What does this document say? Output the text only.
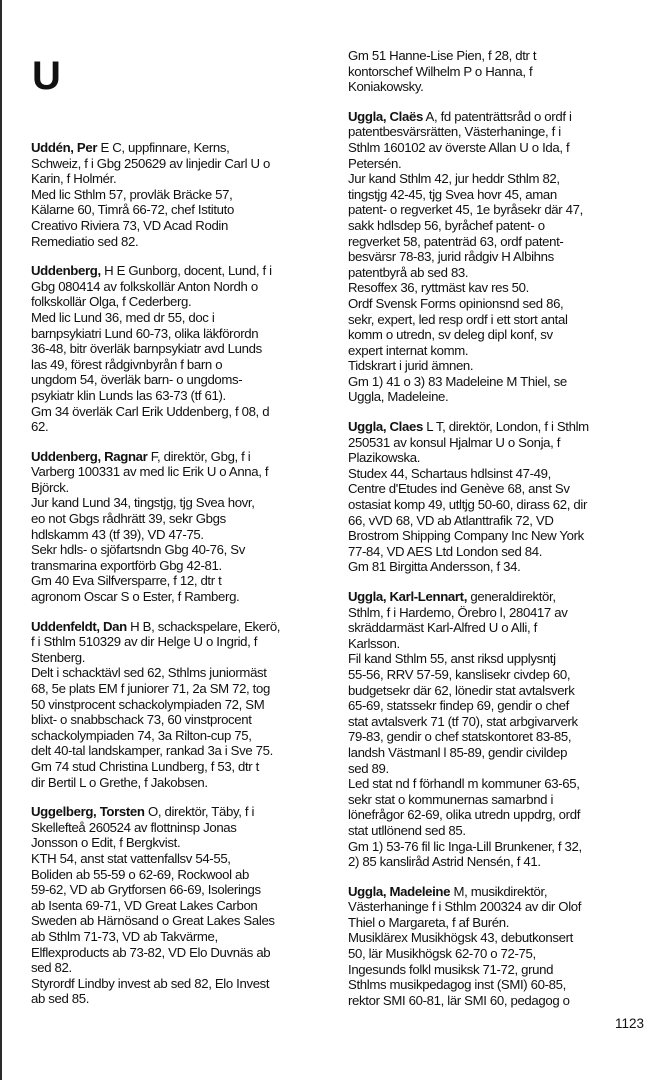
U
Uddén, Per E C, uppfinnare, Kerns,
Schweiz, f i Gbg 250629 av linjedir Carl U o
Karin, f Holmér.
Med lic Sthlm 57, provläk Bräcke 57,
Kälarne 60, Timrå 66-72, chef Istituto
Creativo Riviera 73, VD Acad Rodin
Remediatio sed 82.
Uddenberg, H E Gunborg, docent, Lund, f i
Gbg 080414 av folkskollär Anton Nordh o
folkskollär Olga, f Cederberg.
Med lic Lund 36, med dr 55, doc i
barnpsykiatri Lund 60-73, olika läkförordn
36-48, bitr överläk barnpsykiatr avd Lunds
las 49, förest rådgivnbyrån f barn o
ungdom 54, överläk barn- o ungdoms-
psykiatr klin Lunds las 63-73 (tf 61).
Gm 34 överläk Carl Erik Uddenberg, f 08, d
62.
Uddenberg, Ragnar F, direktör, Gbg, f i
Varberg 100331 av med lic Erik U o Anna, f
Björck.
Jur kand Lund 34, tingstjg, tjg Svea hovr,
eo not Gbgs rådhrätt 39, sekr Gbgs
hdlskamm 43 (tf 39), VD 47-75.
Sekr hdls- o sjöfartsndn Gbg 40-76, Sv
transmarina exportförb Gbg 42-81.
Gm 40 Eva Silfversparre, f 12, dtr t
agronom Oscar S o Ester, f Ramberg.
Uddenfeldt, Dan H B, schackspelare, Ekerö,
f i Sthlm 510329 av dir Helge U o Ingrid, f
Stenberg.
Delt i schacktävl sed 62, Sthlms juniormäst
68, 5e plats EM f juniorer 71, 2a SM 72, tog
50 vinstprocent schackolympiaden 72, SM
blixt- o snabbschack 73, 60 vinstprocent
schackolympiaden 74, 3a Rilton-cup 75,
delt 40-tal landskamper, rankad 3a i Sve 75.
Gm 74 stud Christina Lundberg, f 53, dtr t
dir Bertil L o Grethe, f Jakobsen.
Uggelberg, Torsten O, direktör, Täby, f i
Skellefteå 260524 av flottninsp Jonas
Jonsson o Edit, f Bergkvist.
KTH 54, anst stat vattenfallsv 54-55,
Boliden ab 55-59 o 62-69, Rockwool ab
59-62, VD ab Grytforsen 66-69, Isolerings
ab Isenta 69-71, VD Great Lakes Carbon
Sweden ab Härnösand o Great Lakes Sales
ab Sthlm 71-73, VD ab Takvärme,
Elflexproducts ab 73-82, VD Elo Duvnäs ab
sed 82.
Styrordf Lindby invest ab sed 82, Elo Invest
ab sed 85.
Gm 51 Hanne-Lise Pien, f 28, dtr t
kontorschef Wilhelm P o Hanna, f
Koniakowsky.
Uggla, Claës A, fd patenträttsråd o ordf i
patentbesvärsrätten, Västerhaninge, f i
Sthlm 160102 av överste Allan U o Ida, f
Petersén.
Jur kand Sthlm 42, jur heddr Sthlm 82,
tingstjg 42-45, tjg Svea hovr 45, aman
patent- o regverket 45, 1e byråsekr där 47,
sakk hdlsdep 56, byråchef patent- o
regverket 58, patenträd 63, ordf patent-
besvärsr 78-83, jurid rådgiv H Albihns
patentbyrå ab sed 83.
Resoffex 36, ryttmäst kav res 50.
Ordf Svensk Forms opinionsnd sed 86,
sekr, expert, led resp ordf i ett stort antal
komm o utredn, sv deleg dipl konf, sv
expert internat komm.
Tidskrart i jurid ämnen.
Gm 1) 41 o 3) 83 Madeleine M Thiel, se
Uggla, Madeleine.
Uggla, Claes L T, direktör, London, f i Sthlm
250531 av konsul Hjalmar U o Sonja, f
Plazikowska.
Studex 44, Schartaus hdlsinst 47-49,
Centre d'Etudes ind Genève 68, anst Sv
ostasiat komp 49, utltjg 50-60, dirass 62, dir
66, vVD 68, VD ab Atlanttrafik 72, VD
Brostrom Shipping Company Inc New York
77-84, VD AES Ltd London sed 84.
Gm 81 Birgitta Andersson, f 34.
Uggla, Karl-Lennart, generaldirektör,
Sthlm, f i Hardemo, Örebro l, 280417 av
skräddarmäst Karl-Alfred U o Alli, f
Karlsson.
Fil kand Sthlm 55, anst riksd upplysntj
55-56, RRV 57-59, kanslisekr civdep 60,
budgetsekr där 62, lönedir stat avtalsverk
65-69, statssekr findep 69, gendir o chef
stat avtalsverk 71 (tf 70), stat arbgivarverk
79-83, gendir o chef statskontoret 83-85,
landsh Västmanl l 85-89, gendir civildep
sed 89.
Led stat nd f förhandl m kommuner 63-65,
sekr stat o kommunernas samarbnd i
lönefrågor 62-69, olika utredn uppdrg, ordf
stat utllönend sed 85.
Gm 1) 53-76 fil lic Inga-Lill Brunkener, f 32,
2) 85 kanslіråd Astrid Nensén, f 41.
Uggla, Madeleine M, musikdirektör,
Västerhaninge f i Sthlm 200324 av dir Olof
Thiel o Margareta, f af Burén.
Musiklärex Musikhögsk 43, debutkonsert
50, lär Musikhögsk 62-70 o 72-75,
Ingesunds folkl musiksk 71-72, grund
Sthlms musikpedagog inst (SMI) 60-85,
rektor SMI 60-81, lär SMI 60, pedagog o
1123
